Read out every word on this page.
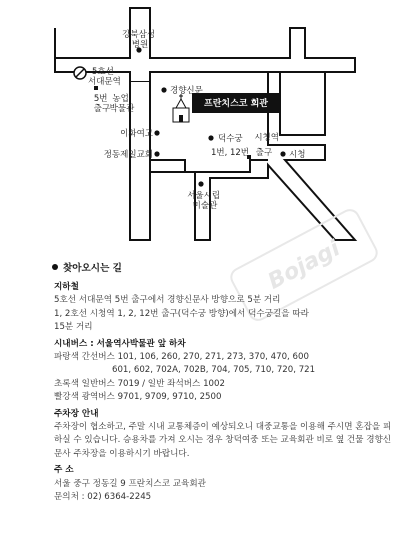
강북삼성 병원
5호선 서대문역
5번 출구
농업 박물관
경향신문
프란치스코 회관
이화여고
정동제일교회
덕수궁
1번, 12번
시청역 출구	시청
서울시립 미술관
Bojagi
찾아오시는 길
지하철
5호선 서대문역 5번 출구에서 경향신문사 방향으로 5분 거리
1, 2호선 시청역 1, 2, 12번 출구(덕수궁 방향)에서 덕수궁길을 따라
15분 거리
시내버스 : 서울역사박물관 앞 하차
파랑색 간선버스 101, 106, 260, 270, 271, 273, 370, 470, 600
601, 602, 702A, 702B, 704, 705, 710, 720, 721
초록색 일반버스 7019 / 일반 좌석버스 1002
빨강색 광역버스 9701, 9709, 9710, 2500
주차장 안내
주차장이 협소하고, 주말 시내 교통체증이 예상되오니 대중교통을 이용해 주시면 혼잡을 피하실 수 있습니다. 승용차를 가져 오시는 경우 창덕여중 또는 교육회관 비로 옆 건물 경향신문사 주차장을 이용하시기 바랍니다.
주 소
서울 중구 정동길 9 프란치스코 교육회관
문의처 : 02) 6364-2245
